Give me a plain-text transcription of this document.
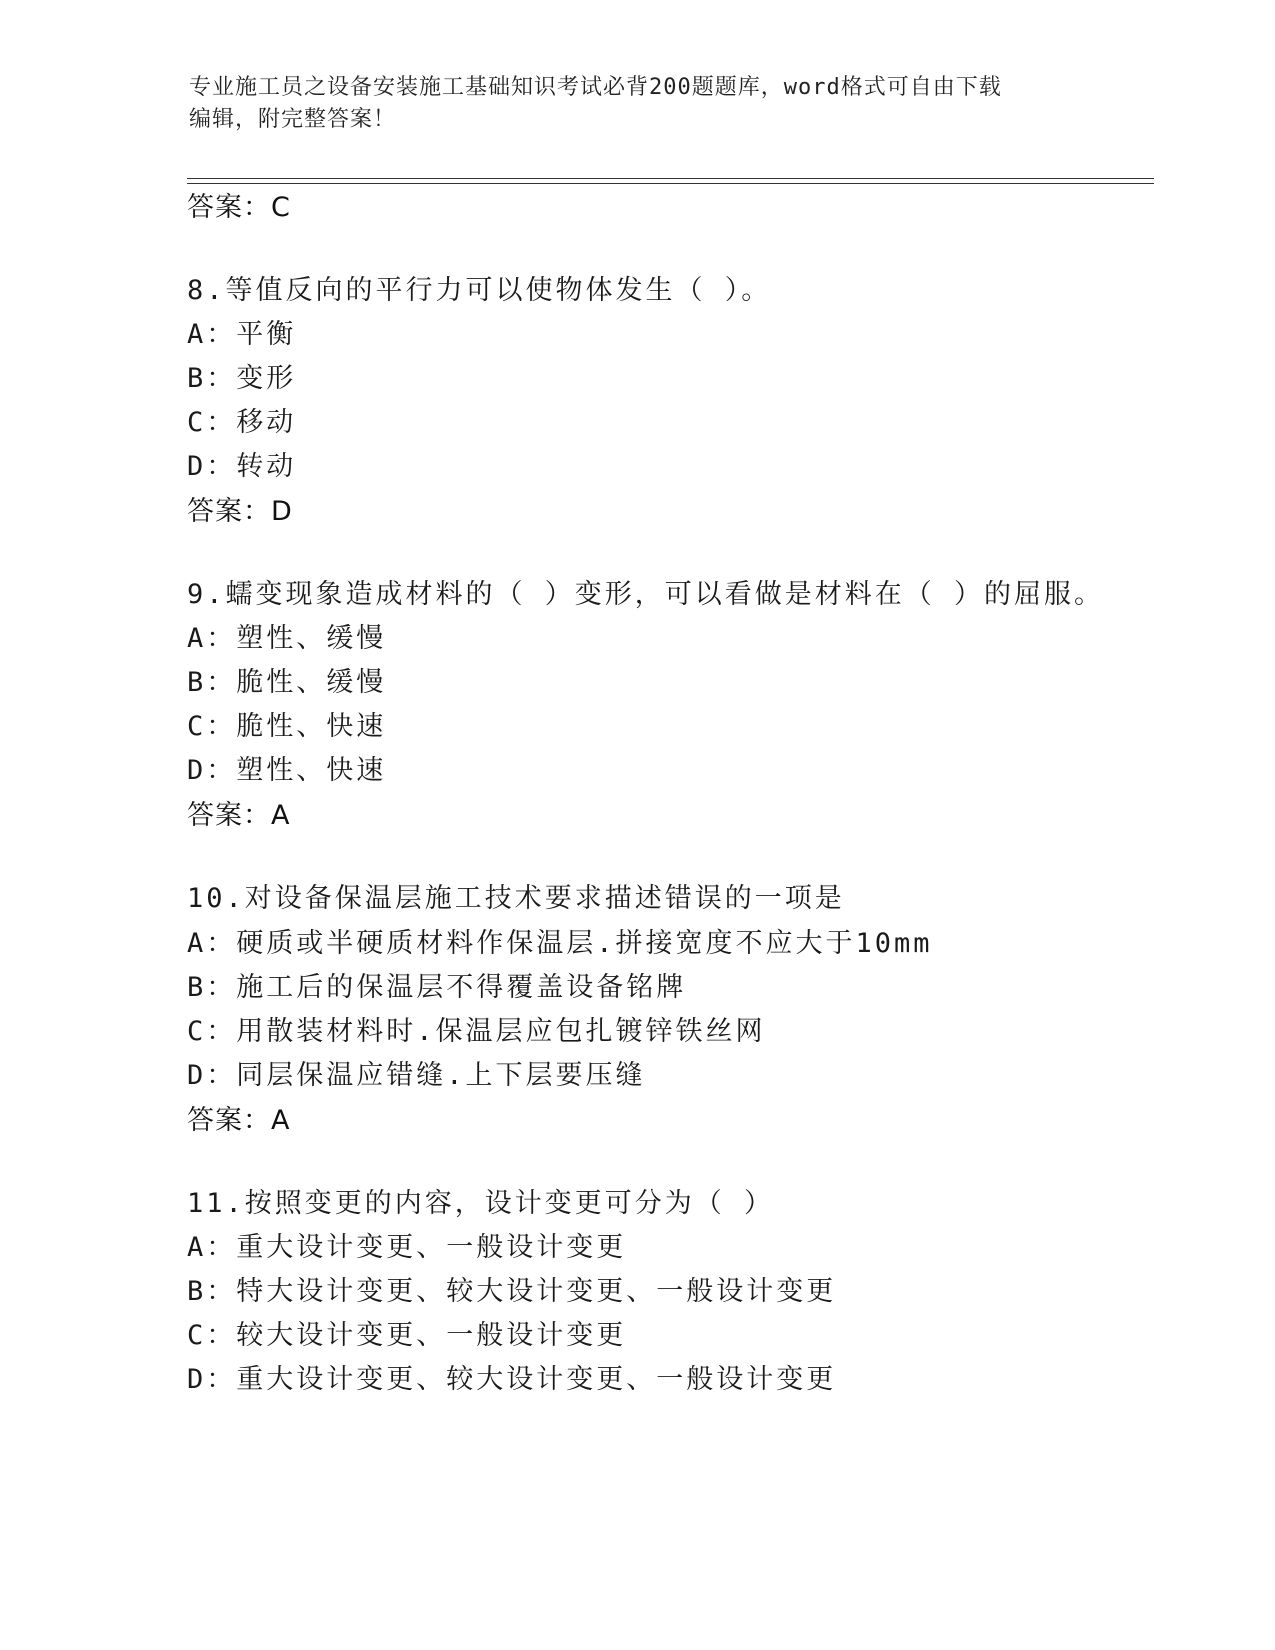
专业施工员之设备安装施工基础知识考试必背200题题库，word格式可自由下载
编辑，附完整答案！
答案：C
8.等值反向的平行力可以使物体发生（ ）。
A：平衡
B：变形
C：移动
D：转动
答案：D
9.蠕变现象造成材料的（ ）变形，可以看做是材料在（ ）的屈服。
A：塑性、缓慢
B：脆性、缓慢
C：脆性、快速
D：塑性、快速
答案：A
10.对设备保温层施工技术要求描述错误的一项是
A：硬质或半硬质材料作保温层.拼接宽度不应大于10mm
B：施工后的保温层不得覆盖设备铭牌
C：用散装材料时.保温层应包扎镀锌铁丝网
D：同层保温应错缝.上下层要压缝
答案：A
11.按照变更的内容，设计变更可分为（ ）
A：重大设计变更、一般设计变更
B：特大设计变更、较大设计变更、一般设计变更
C：较大设计变更、一般设计变更
D：重大设计变更、较大设计变更、一般设计变更
